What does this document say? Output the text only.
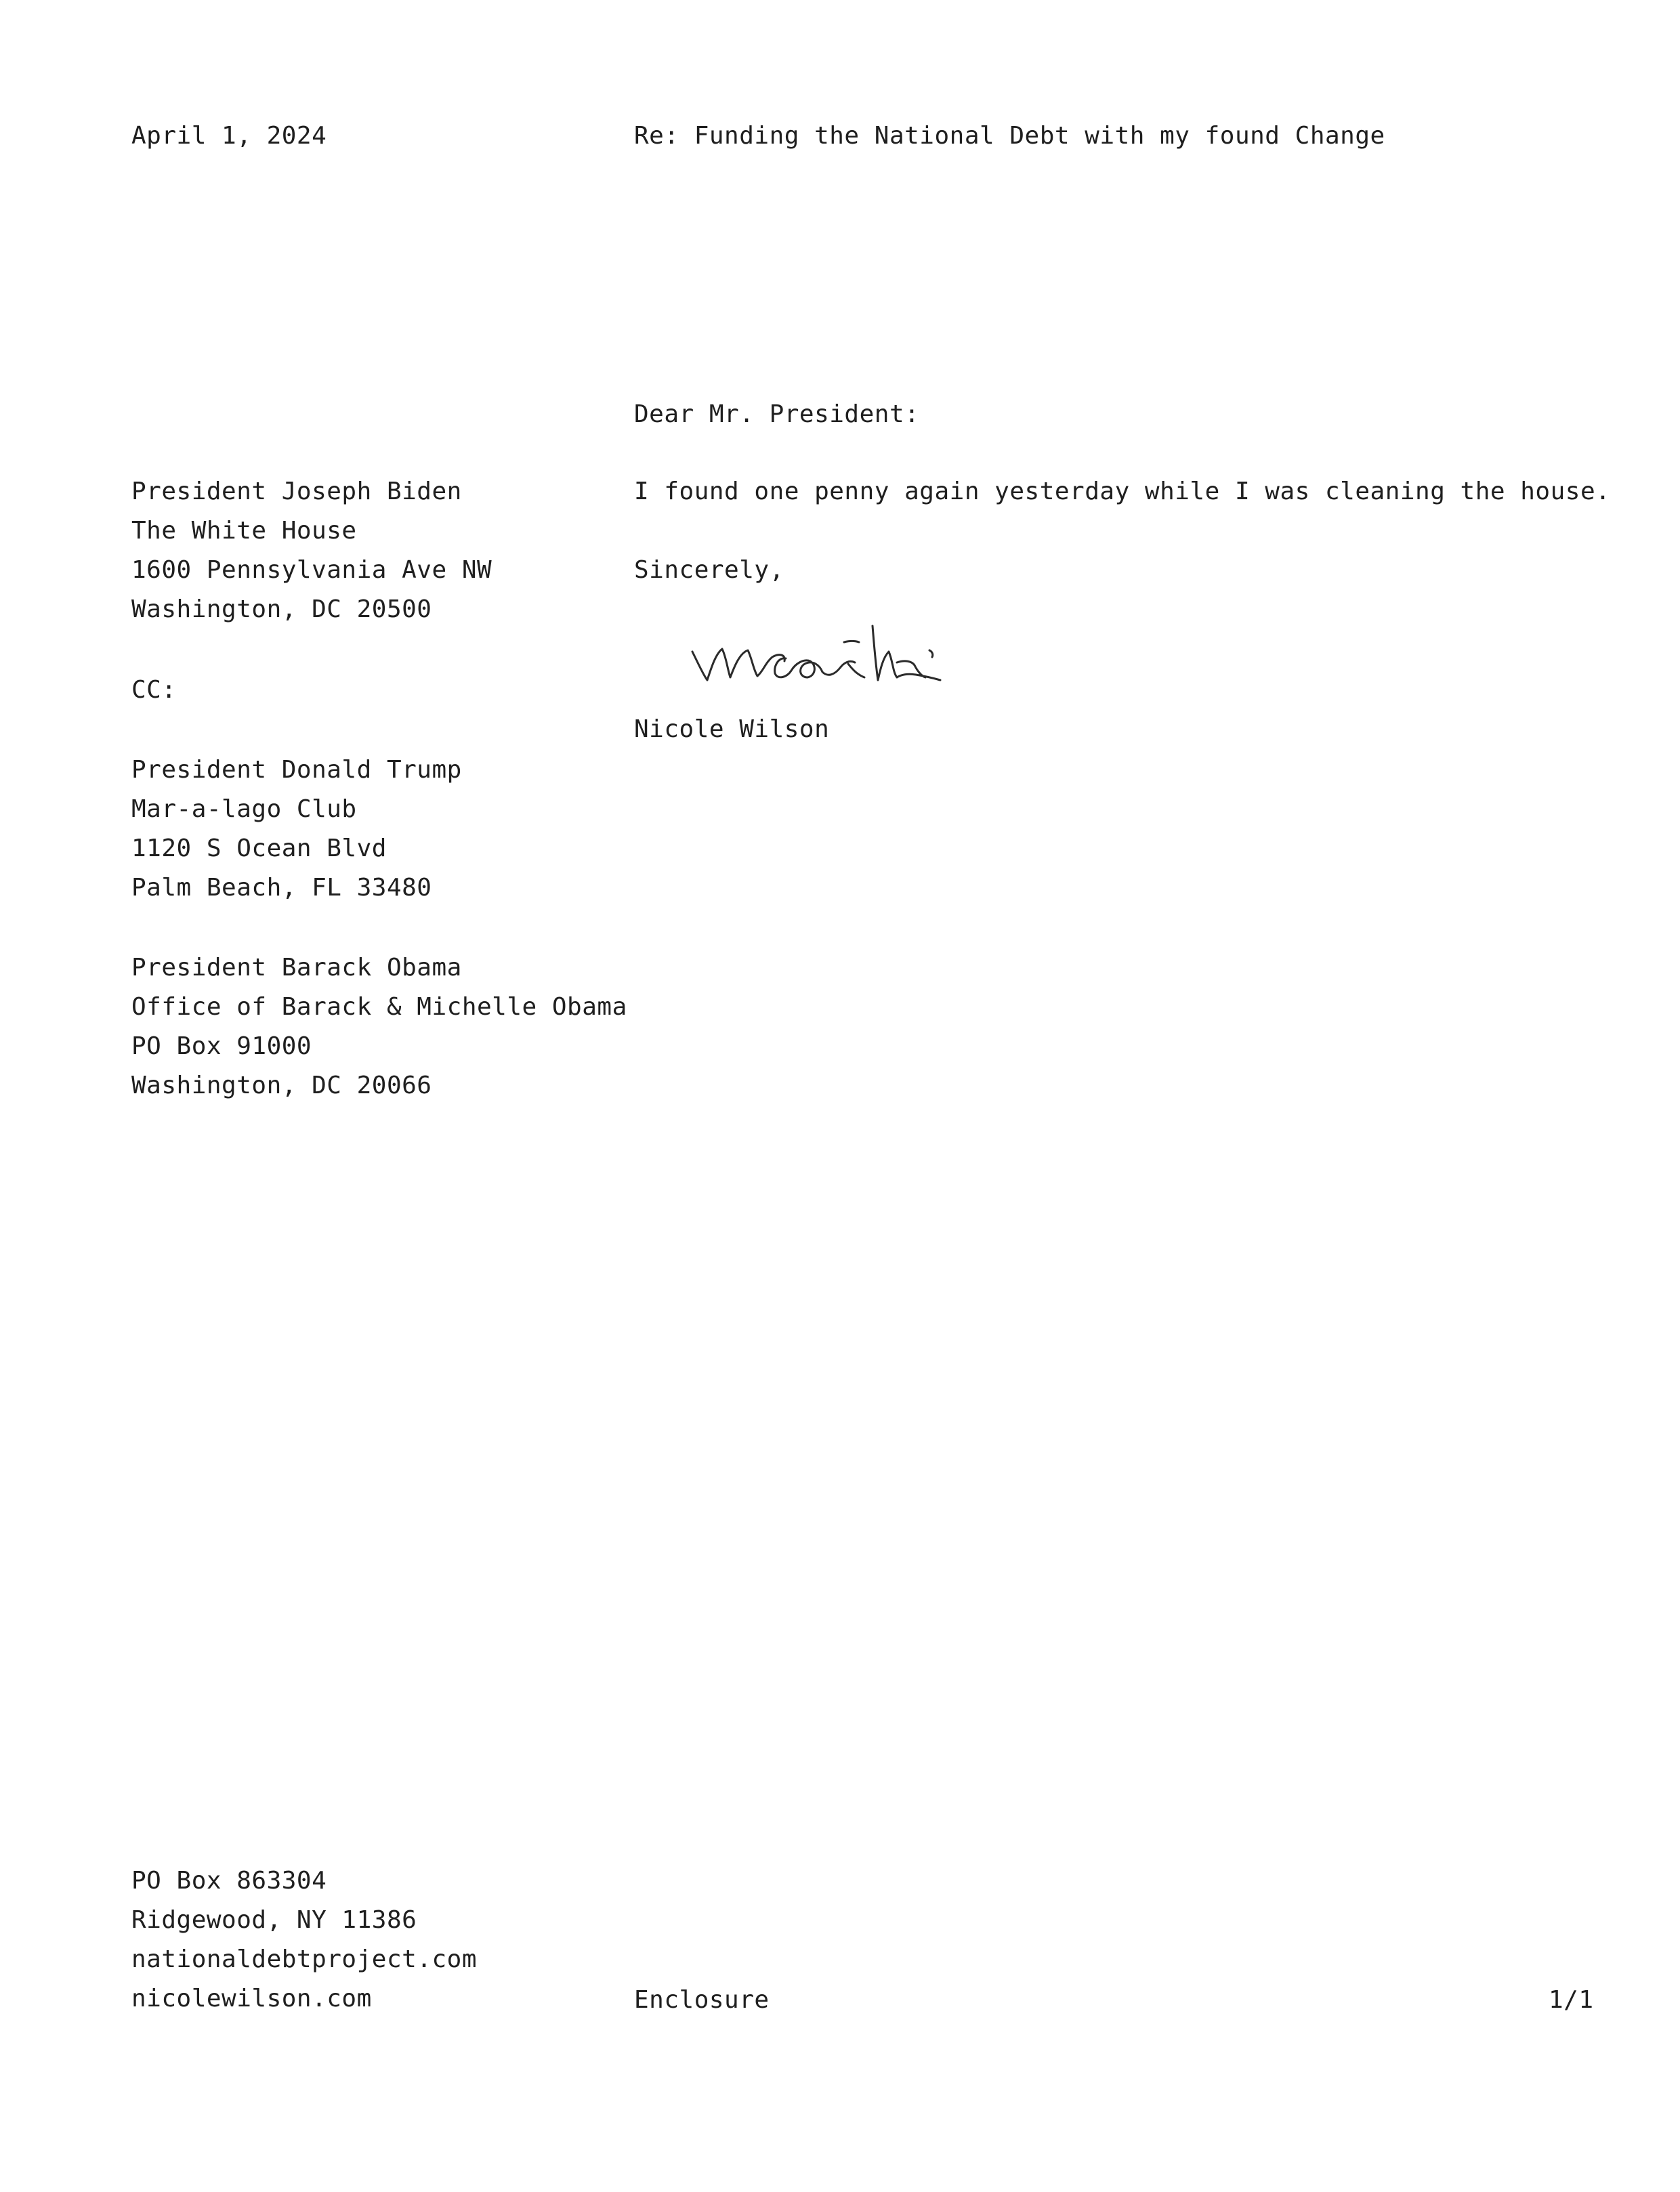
April 1, 2024	Re: Funding the National Debt with my found Change
President Joseph Biden
The White House
1600 Pennsylvania Ave NW
Washington, DC 20500
CC:
President Donald Trump
Mar-a-lago Club
1120 S Ocean Blvd
Palm Beach, FL 33480
President Barack Obama
Office of Barack & Michelle Obama
PO Box 91000
Washington, DC 20066
Dear Mr. President:
I found one penny again yesterday while I was cleaning the house.
Sincerely,
Nicole Wilson
PO Box 863304
Ridgewood, NY 11386
nationaldebtproject.com
nicolewilson.com	Enclosure	1/1
